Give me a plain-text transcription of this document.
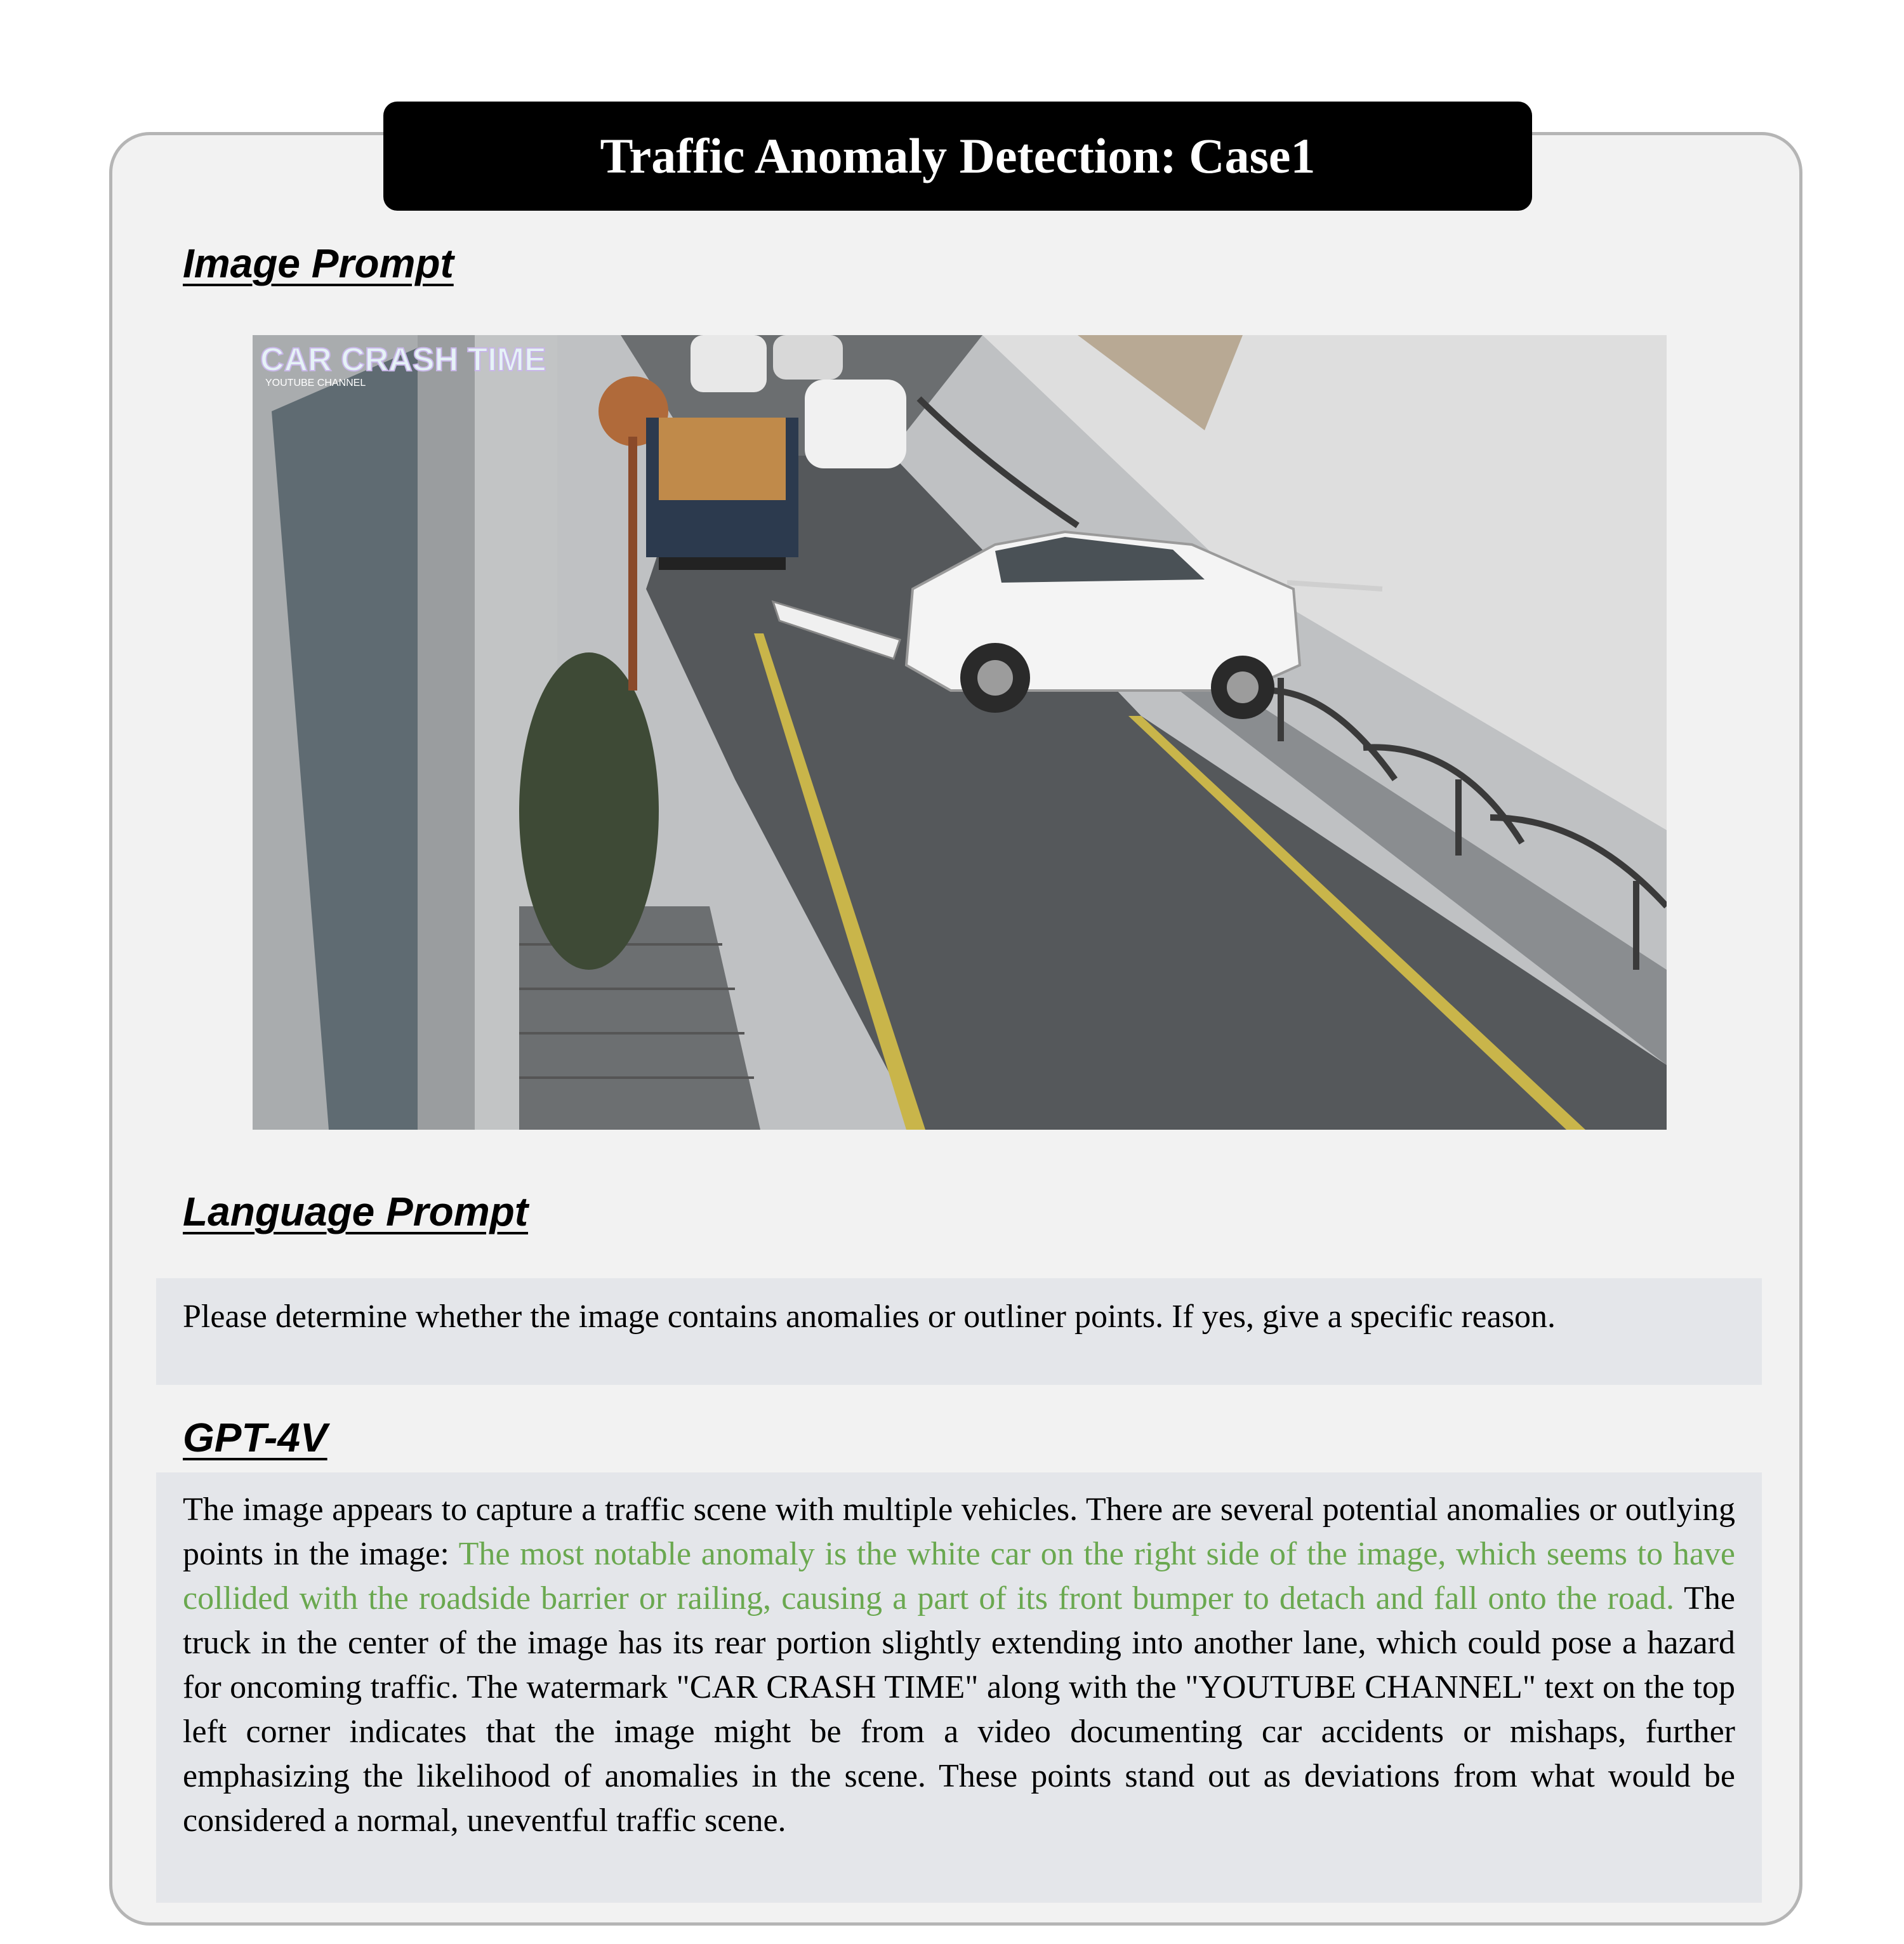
Traffic Anomaly Detection: Case1
Image Prompt
CAR CRASH TIME
YOUTUBE CHANNEL
Language Prompt
Please determine whether the image contains anomalies or outliner points. If yes, give a specific reason.
GPT-4V
The image appears to capture a traffic scene with multiple vehicles. There are several potential anomalies or outlying points in the image: The most notable anomaly is the white car on the right side of the image, which seems to have collided with the roadside barrier or railing, causing a part of its front bumper to detach and fall onto the road. The truck in the center of the image has its rear portion slightly extending into another lane, which could pose a hazard for oncoming traffic. The watermark "CAR CRASH TIME" along with the "YOUTUBE CHANNEL" text on the top left corner indicates that the image might be from a video documenting car accidents or mishaps, further emphasizing the likelihood of anomalies in the scene. These points stand out as deviations from what would be considered a normal, uneventful traffic scene.
